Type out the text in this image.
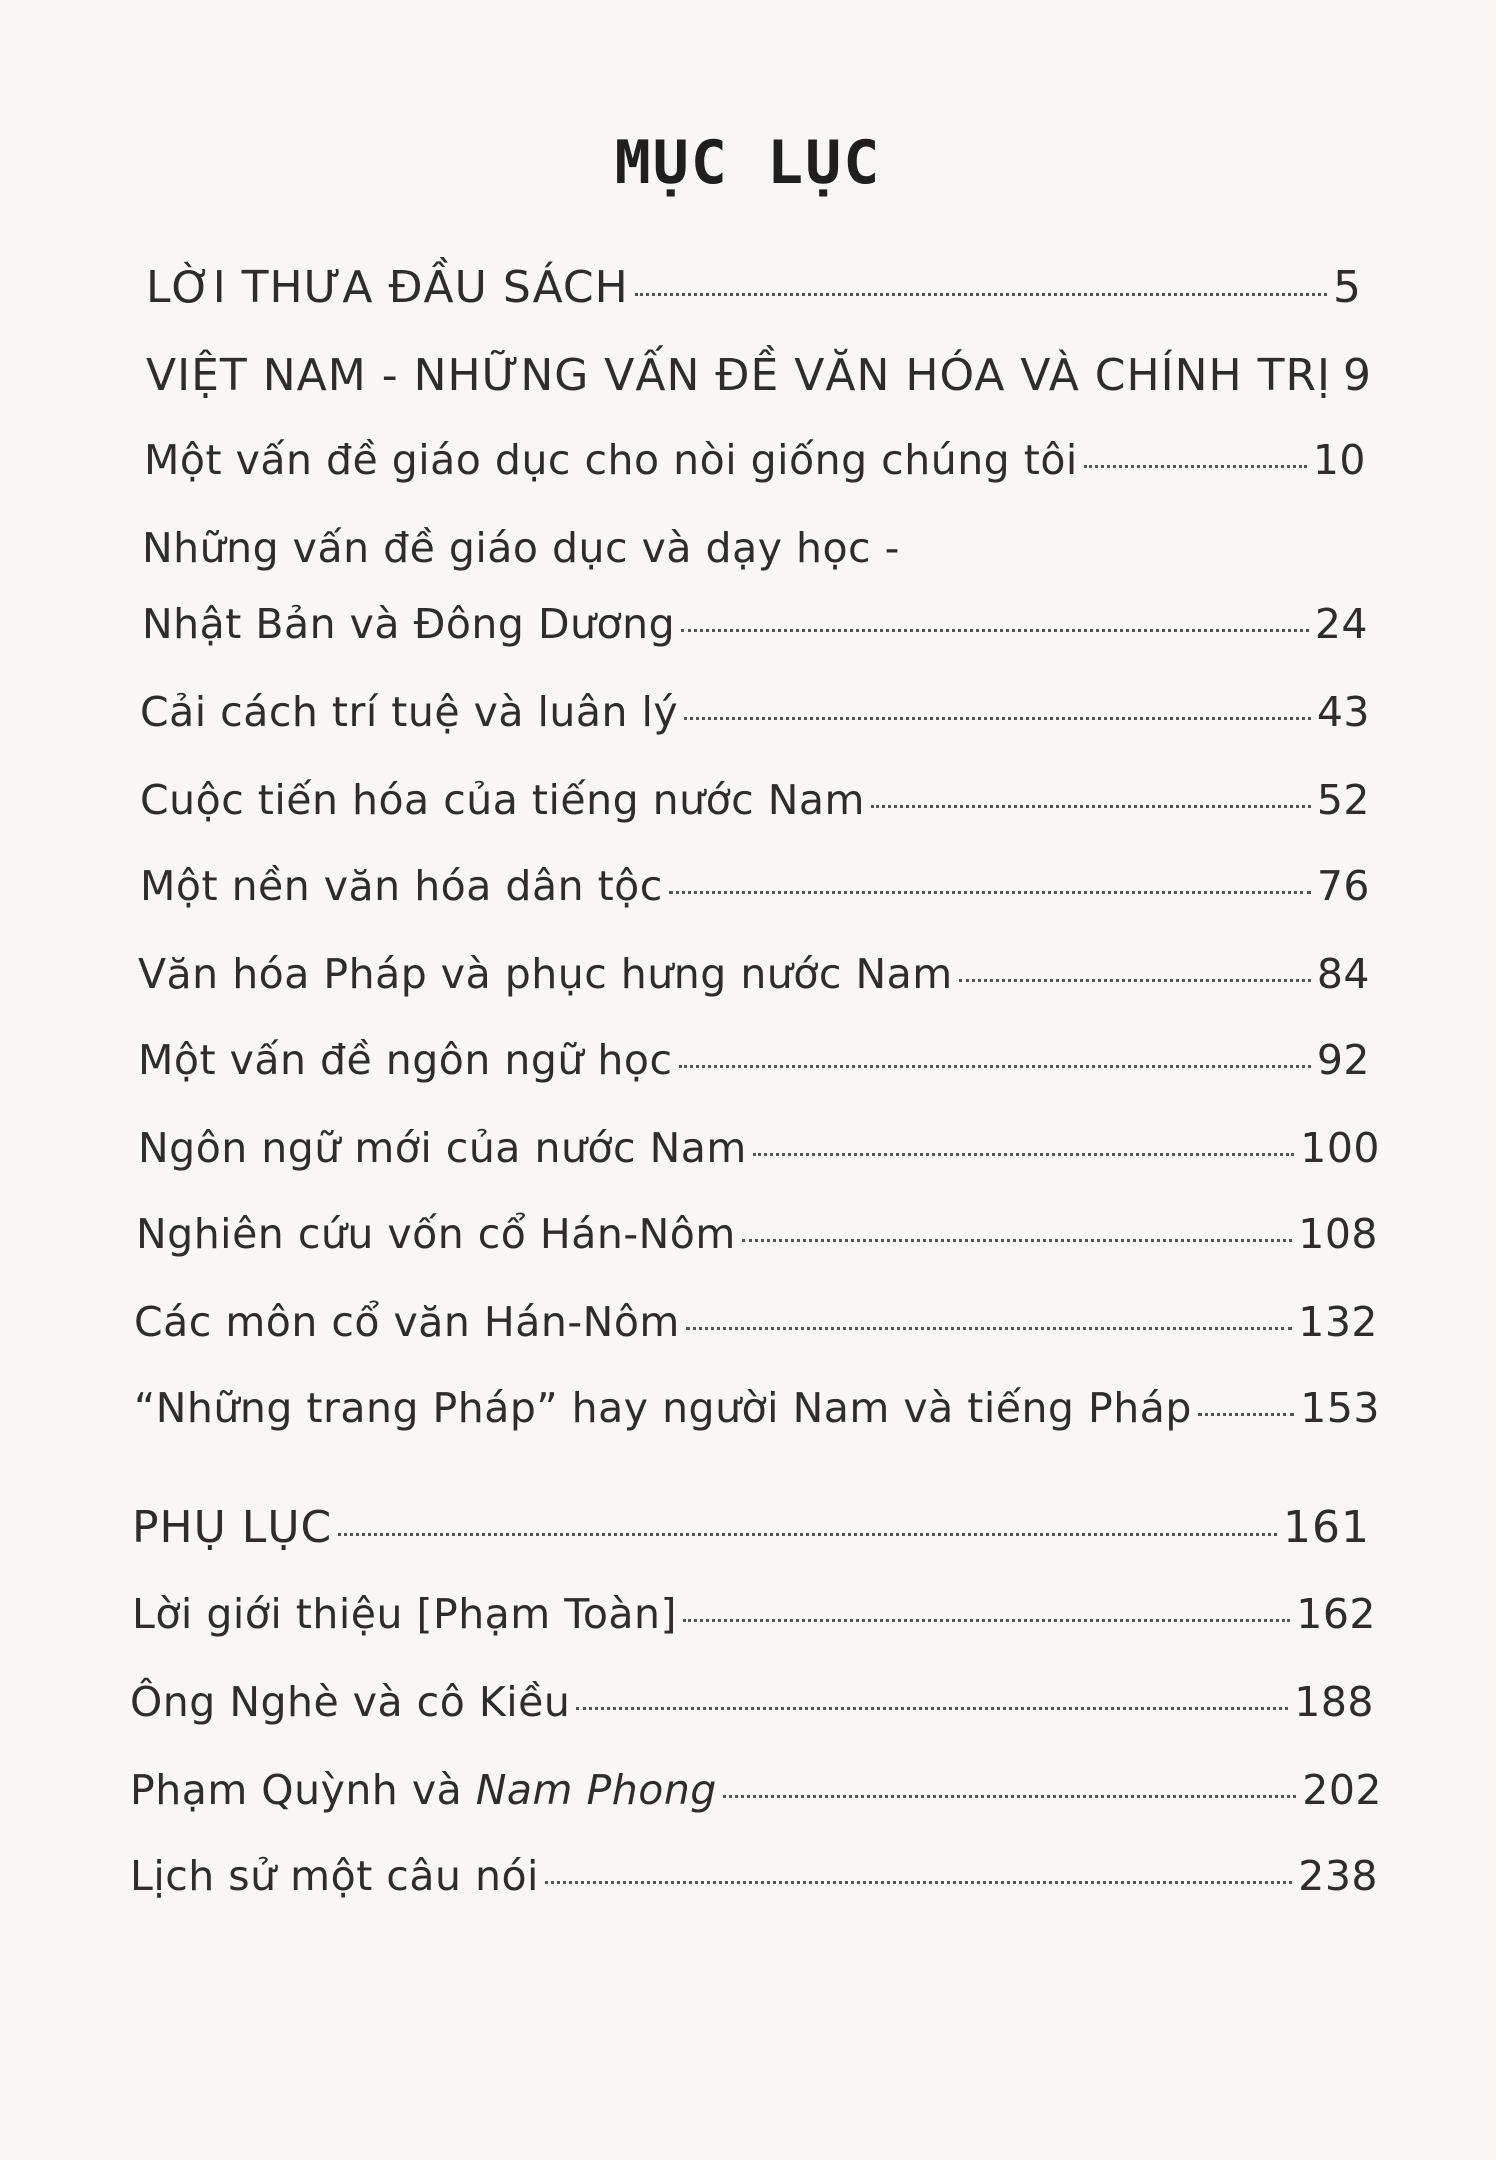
MỤC LỤC
LỜI THƯA ĐẦU SÁCH	5
VIỆT NAM - NHỮNG VẤN ĐỀ VĂN HÓA VÀ CHÍNH TRỊ 9
Một vấn đề giáo dục cho nòi giống chúng tôi	10
Những vấn đề giáo dục và dạy học -
Nhật Bản và Đông Dương	24
Cải cách trí tuệ và luân lý	43
Cuộc tiến hóa của tiếng nước Nam	52
Một nền văn hóa dân tộc	76
Văn hóa Pháp và phục hưng nước Nam	84
Một vấn đề ngôn ngữ học	92
Ngôn ngữ mới của nước Nam	100
Nghiên cứu vốn cổ Hán-Nôm	108
Các môn cổ văn Hán-Nôm	132
“Những trang Pháp” hay người Nam và tiếng Pháp	153
PHỤ LỤC	161
Lời giới thiệu [Phạm Toàn]	162
Ông Nghè và cô Kiều	188
Phạm Quỳnh và Nam Phong	202
Lịch sử một câu nói	238
